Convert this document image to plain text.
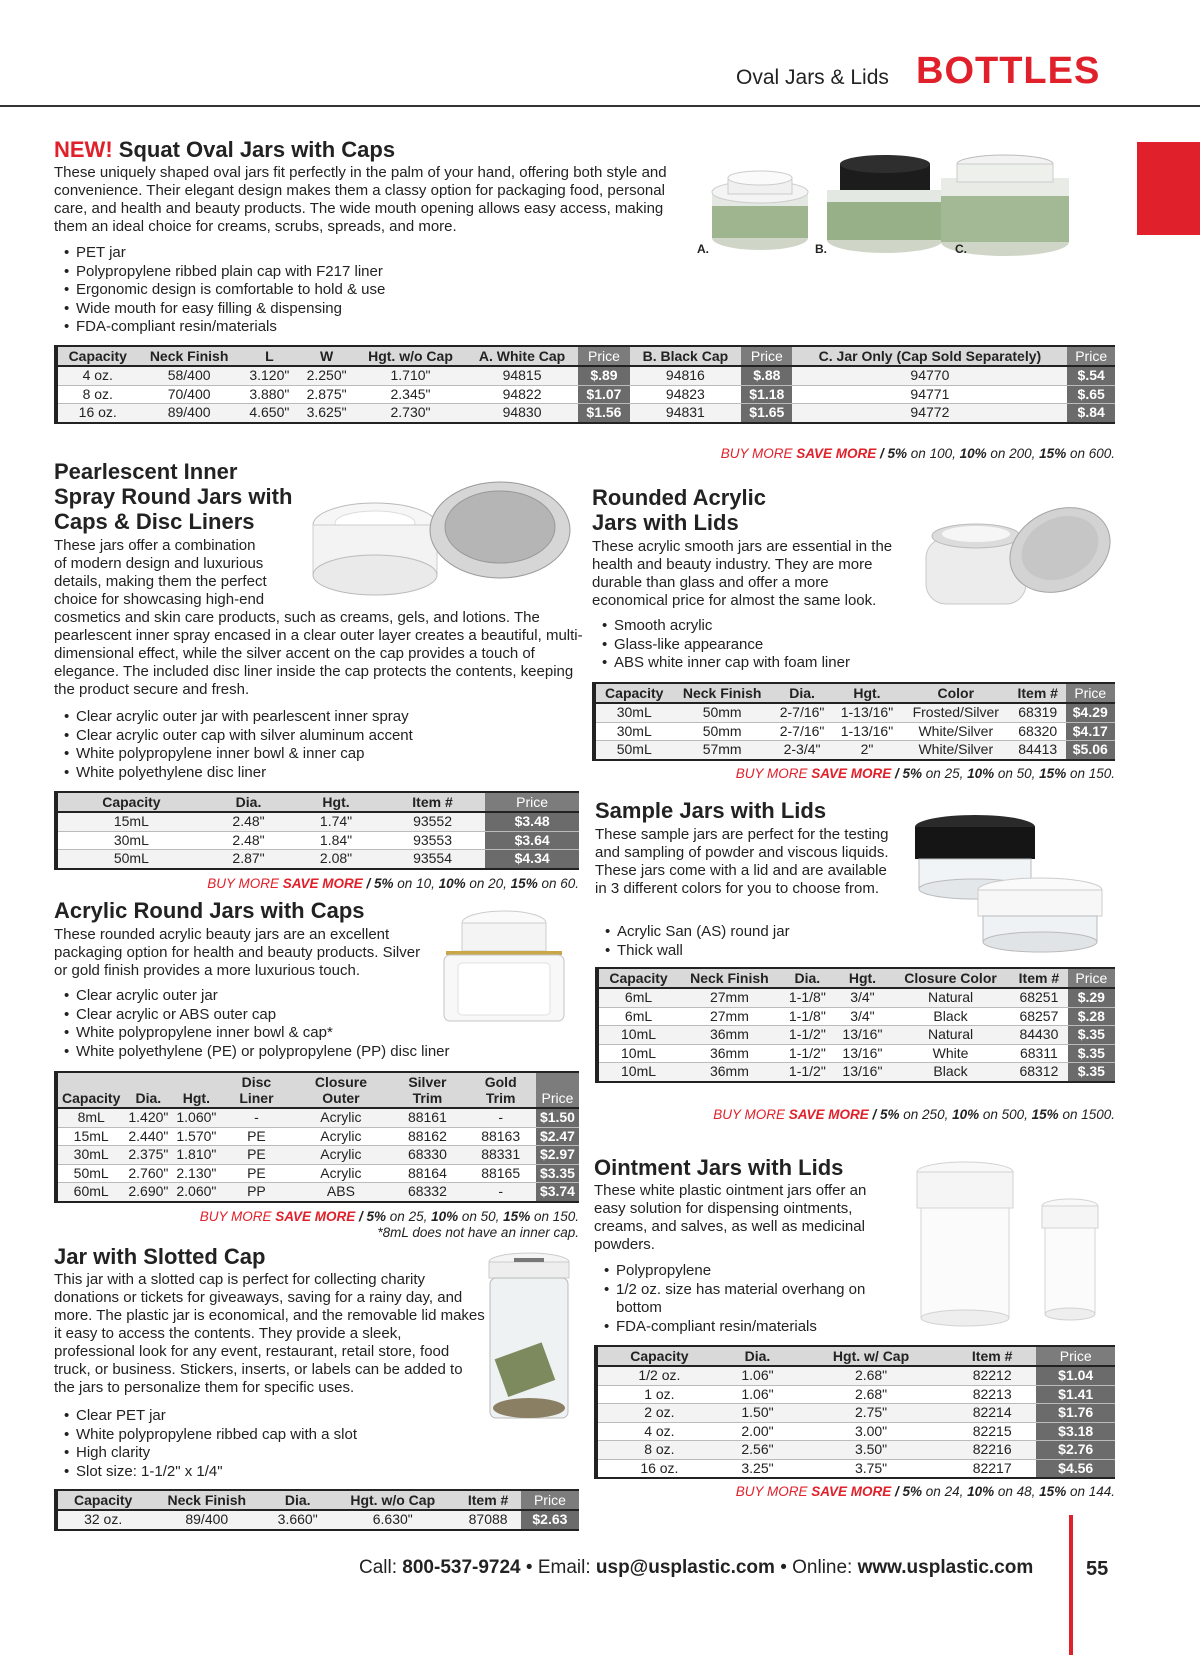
Oval Jars & Lids BOTTLES
NEW! Squat Oval Jars with Caps

These uniquely shaped oval jars fit perfectly in the palm of your hand, offering both style and convenience. Their elegant design makes them a classy option for packaging food, personal care, and health and beauty products. The wide mouth opening allows easy access, making them an ideal choice for creams, scrubs, spreads, and more.

• PET jar
• Polypropylene ribbed plain cap with F217 liner
• Ergonomic design is comfortable to hold & use
• Wide mouth for easy filling & dispensing
• FDA-compliant resin/materials
A.	B.	C.
Capacity	Neck Finish	L	W	Hgt. w/o Cap	A. White Cap	Price	B. Black Cap	Price	C. Jar Only (Cap Sold Separately)	Price
4 oz.	58/400	3.120"	2.250"	1.710"	94815	$.89	94816	$.88	94770	$.54
8 oz.	70/400	3.880"	2.875"	2.345"	94822	$1.07	94823	$1.18	94771	$.65
16 oz.	89/400	4.650"	3.625"	2.730"	94830	$1.56	94831	$1.65	94772	$.84
BUY MORE SAVE MORE / 5% on 100, 10% on 200, 15% on 600.
Pearlescent Inner
Spray Round Jars with
Caps & Disc Liners
These jars offer a combination
of modern design and luxurious
details, making them the perfect
choice for showcasing high-end
cosmetics and skin care products, such as creams, gels, and lotions. The pearlescent inner spray encased in a clear outer layer creates a beautiful, multi-dimensional effect, while the silver accent on the cap provides a touch of elegance. The included disc liner inside the cap protects the contents, keeping the product secure and fresh.
• Clear acrylic outer jar with pearlescent inner spray
• Clear acrylic outer cap with silver aluminum accent
• White polypropylene inner bowl & inner cap
• White polyethylene disc liner
Capacity	Dia.	Hgt.	Item #	Price
15mL	2.48"	1.74"	93552	$3.48
30mL	2.48"	1.84"	93553	$3.64
50mL	2.87"	2.08"	93554	$4.34
BUY MORE SAVE MORE / 5% on 10, 10% on 20, 15% on 60.
Rounded Acrylic
Jars with Lids

These acrylic smooth jars are essential in the health and beauty industry. They are more durable than glass and offer a more economical price for almost the same look.

• Smooth acrylic
• Glass-like appearance
• ABS white inner cap with foam liner
Capacity	Neck Finish	Dia.	Hgt.	Color	Item #	Price
30mL	50mm	2-7/16"	1-13/16"	Frosted/Silver	68319	$4.29
30mL	50mm	2-7/16"	1-13/16"	White/Silver	68320	$4.17
50mL	57mm	2-3/4"	2"	White/Silver	84413	$5.06
BUY MORE SAVE MORE / 5% on 25, 10% on 50, 15% on 150.
Sample Jars with Lids

These sample jars are perfect for the testing and sampling of powder and viscous liquids. These jars come with a lid and are available in 3 different colors for you to choose from.

• Acrylic San (AS) round jar
• Thick wall
Capacity	Neck Finish	Dia.	Hgt.	Closure Color	Item #	Price
6mL	27mm	1-1/8"	3/4"	Natural	68251	$.29
6mL	27mm	1-1/8"	3/4"	Black	68257	$.28
10mL	36mm	1-1/2"	13/16"	Natural	84430	$.35
10mL	36mm	1-1/2"	13/16"	White	68311	$.35
10mL	36mm	1-1/2"	13/16"	Black	68312	$.35
BUY MORE SAVE MORE / 5% on 250, 10% on 500, 15% on 1500.
Acrylic Round Jars with Caps

These rounded acrylic beauty jars are an excellent packaging option for health and beauty products. Silver or gold finish provides a more luxurious touch.

• Clear acrylic outer jar
• Clear acrylic or ABS outer cap
• White polypropylene inner bowl & cap*
• White polyethylene (PE) or polypropylene (PP) disc liner
Capacity	Dia.	Hgt.	Disc Liner	Closure Outer	Silver Trim	Gold Trim	Price
8mL	1.420"	1.060"	-	Acrylic	88161	-	$1.50
15mL	2.440"	1.570"	PE	Acrylic	88162	88163	$2.47
30mL	2.375"	1.810"	PE	Acrylic	68330	88331	$2.97
50mL	2.760"	2.130"	PE	Acrylic	88164	88165	$3.35
60mL	2.690"	2.060"	PP	ABS	68332	-	$3.74
BUY MORE SAVE MORE / 5% on 25, 10% on 50, 15% on 150.
*8mL does not have an inner cap.
Ointment Jars with Lids

These white plastic ointment jars offer an easy solution for dispensing ointments, creams, and salves, as well as medicinal powders.

• Polypropylene
• 1/2 oz. size has material overhang on bottom
• FDA-compliant resin/materials
Capacity	Dia.	Hgt. w/ Cap	Item #	Price
1/2 oz.	1.06"	2.68"	82212	$1.04
1 oz.	1.06"	2.68"	82213	$1.41
2 oz.	1.50"	2.75"	82214	$1.76
4 oz.	2.00"	3.00"	82215	$3.18
8 oz.	2.56"	3.50"	82216	$2.76
16 oz.	3.25"	3.75"	82217	$4.56
BUY MORE SAVE MORE / 5% on 24, 10% on 48, 15% on 144.
Jar with Slotted Cap

This jar with a slotted cap is perfect for collecting charity donations or tickets for giveaways, saving for a rainy day, and more. The plastic jar is economical, and the removable lid makes it easy to access the contents. They provide a sleek, professional look for any event, restaurant, retail store, food truck, or business. Stickers, inserts, or labels can be added to the jars to personalize them for specific uses.

• Clear PET jar
• White polypropylene ribbed cap with a slot
• High clarity
• Slot size: 1-1/2" x 1/4"
Capacity	Neck Finish	Dia.	Hgt. w/o Cap	Item #	Price
32 oz.	89/400	3.660"	6.630"	87088	$2.63
Call: 800-537-9724 • Email: usp@usplastic.com • Online: www.usplastic.com	55
